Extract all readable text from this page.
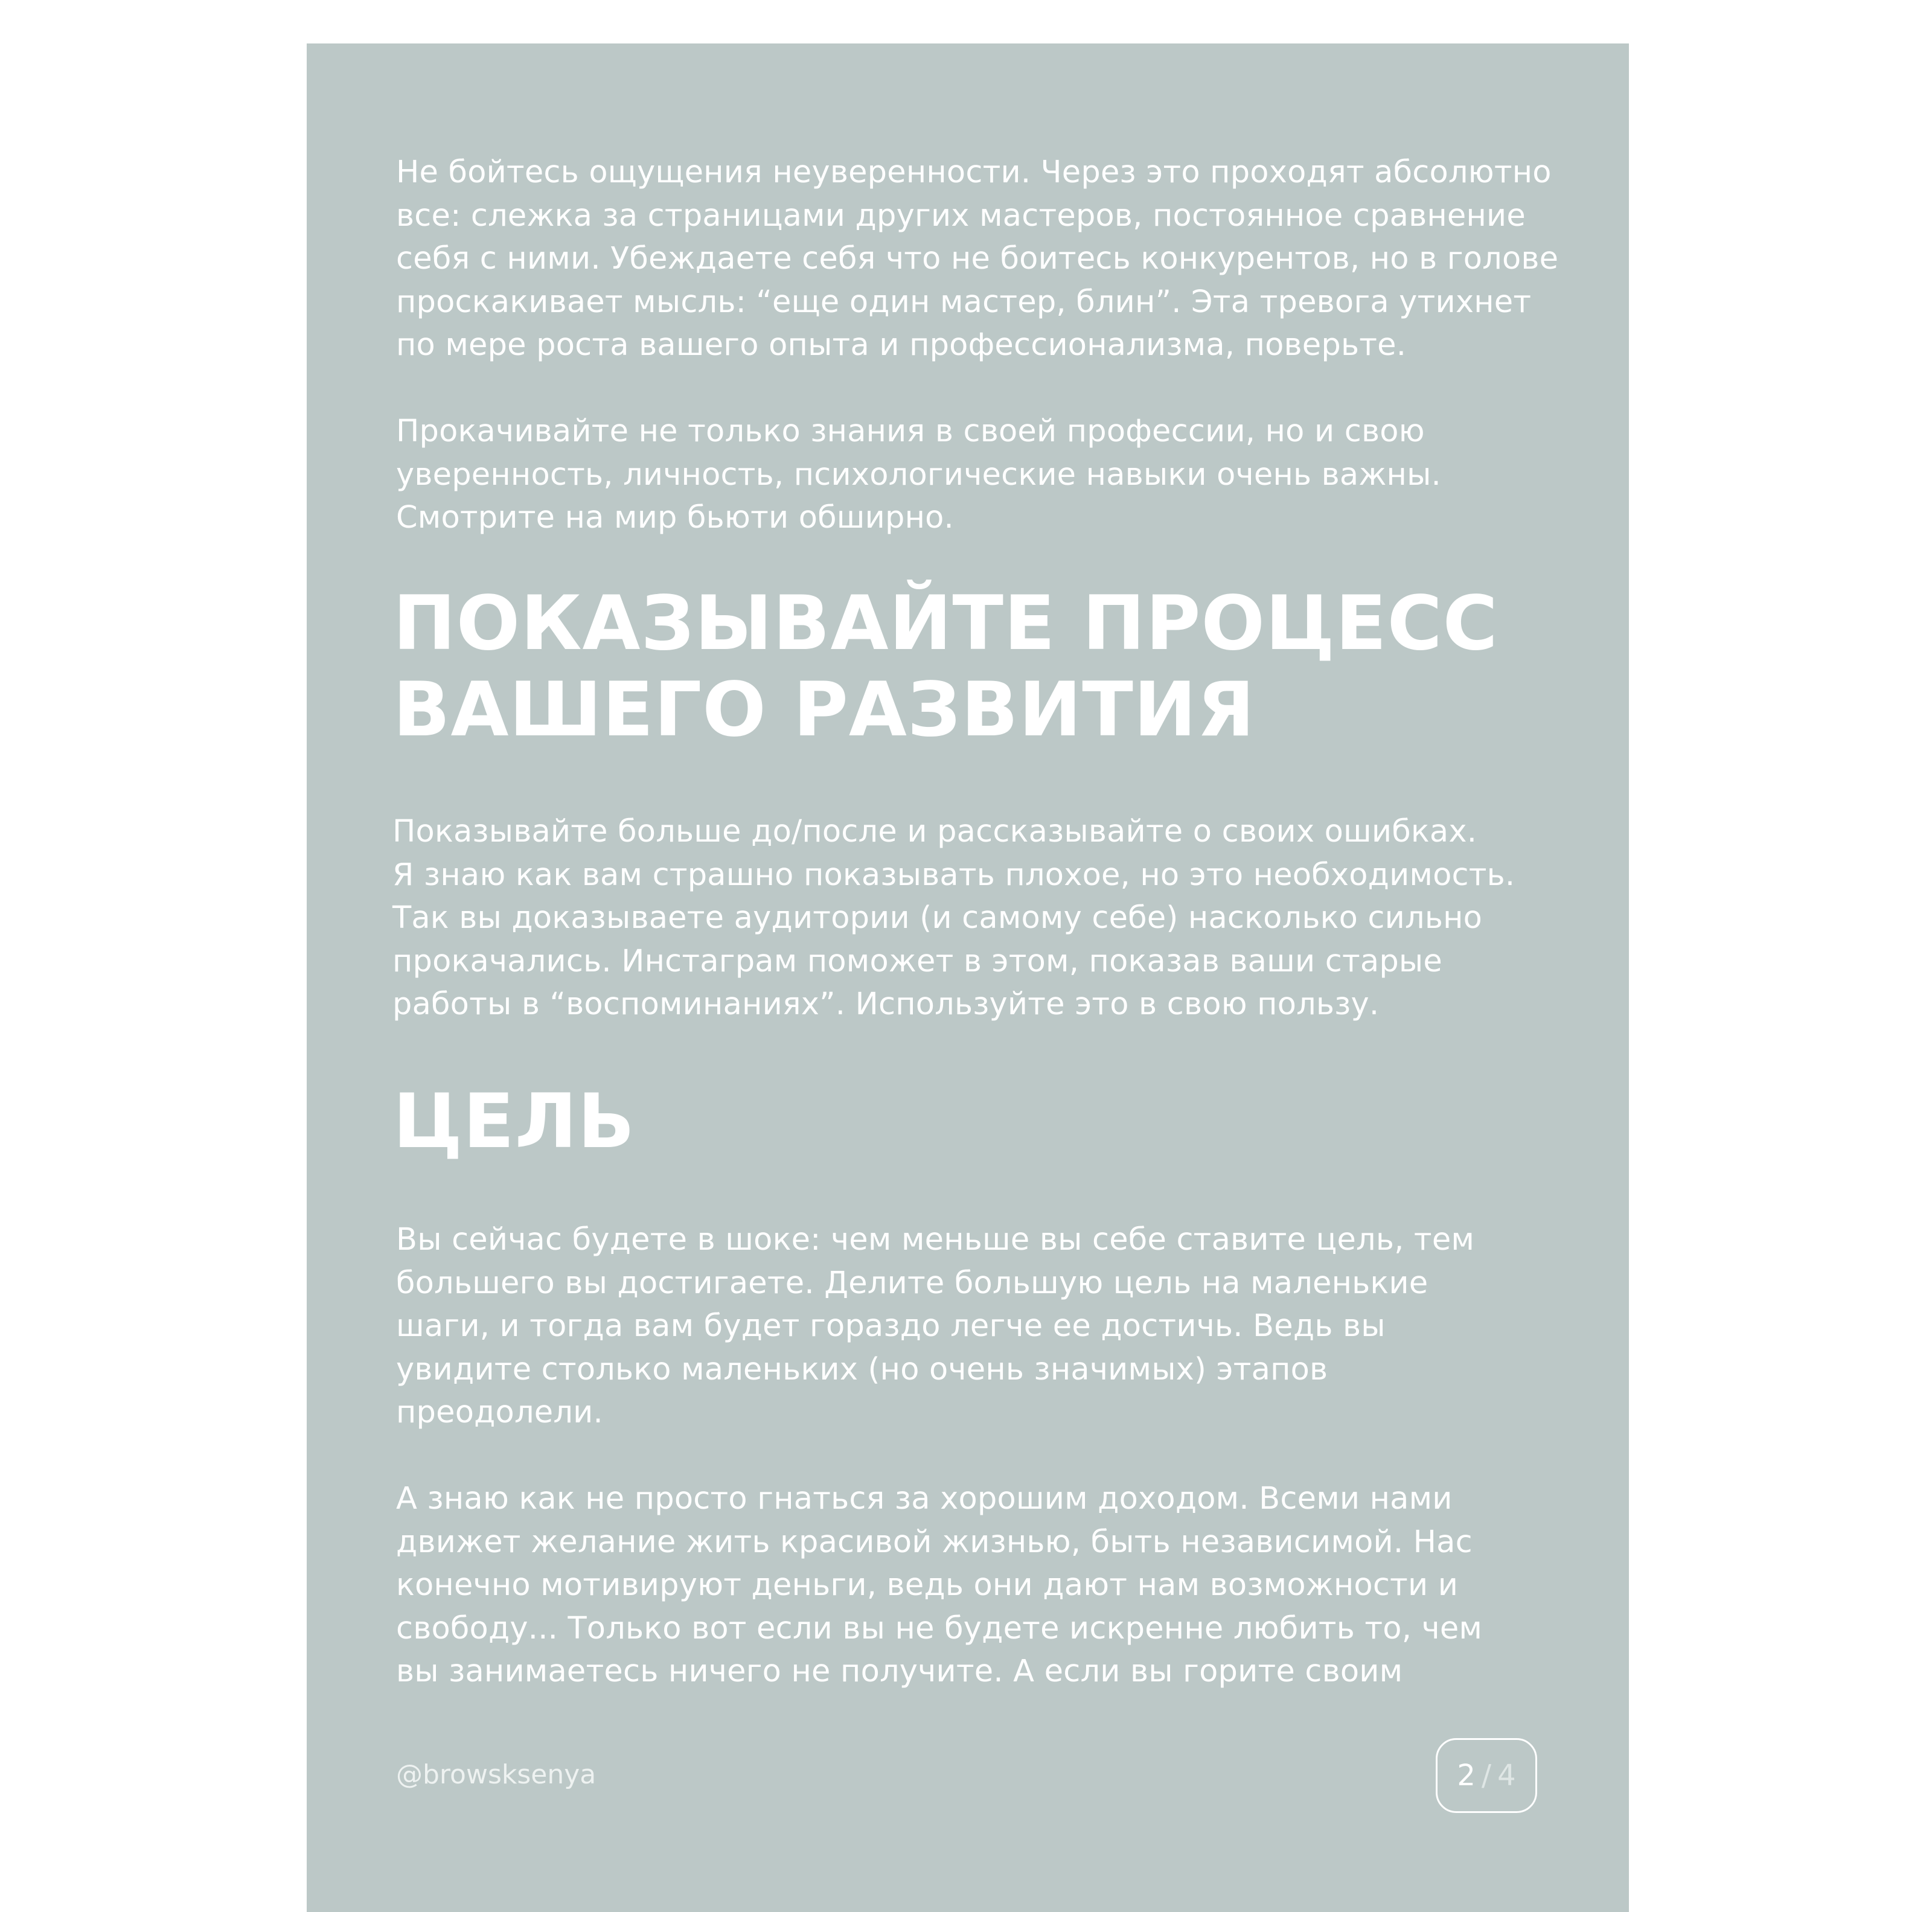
Не бойтесь ощущения неуверенности. Через это проходят абсолютно
все: слежка за страницами других мастеров, постоянное сравнение
себя с ними. Убеждаете себя что не боитесь конкурентов, но в голове
проскакивает мысль: “еще один мастер, блин”. Эта тревога утихнет
по мере роста вашего опыта и профессионализма, поверьте.

Прокачивайте не только знания в своей профессии, но и свою
уверенность, личность, психологические навыки очень важны.
Смотрите на мир бьюти обширно.

ПОКАЗЫВАЙТЕ ПРОЦЕСС
ВАШЕГО РАЗВИТИЯ

Показывайте больше до/после и рассказывайте о своих ошибках.
Я знаю как вам страшно показывать плохое, но это необходимость.
Так вы доказываете аудитории (и самому себе) насколько сильно
прокачались. Инстаграм поможет в этом, показав ваши старые
работы в “воспоминаниях”. Используйте это в свою пользу.

ЦЕЛЬ

Вы сейчас будете в шоке: чем меньше вы себе ставите цель, тем
большего вы достигаете. Делите большую цель на маленькие
шаги, и тогда вам будет гораздо легче ее достичь. Ведь вы
увидите столько маленьких (но очень значимых) этапов
преодолели.

А знаю как не просто гнаться за хорошим доходом. Всеми нами
движет желание жить красивой жизнью, быть независимой. Нас
конечно мотивируют деньги, ведь они дают нам возможности и
свободу... Только вот если вы не будете искренне любить то, чем
вы занимаетесь ничего не получите. А если вы горите своим

@browsksenya	2 / 4
